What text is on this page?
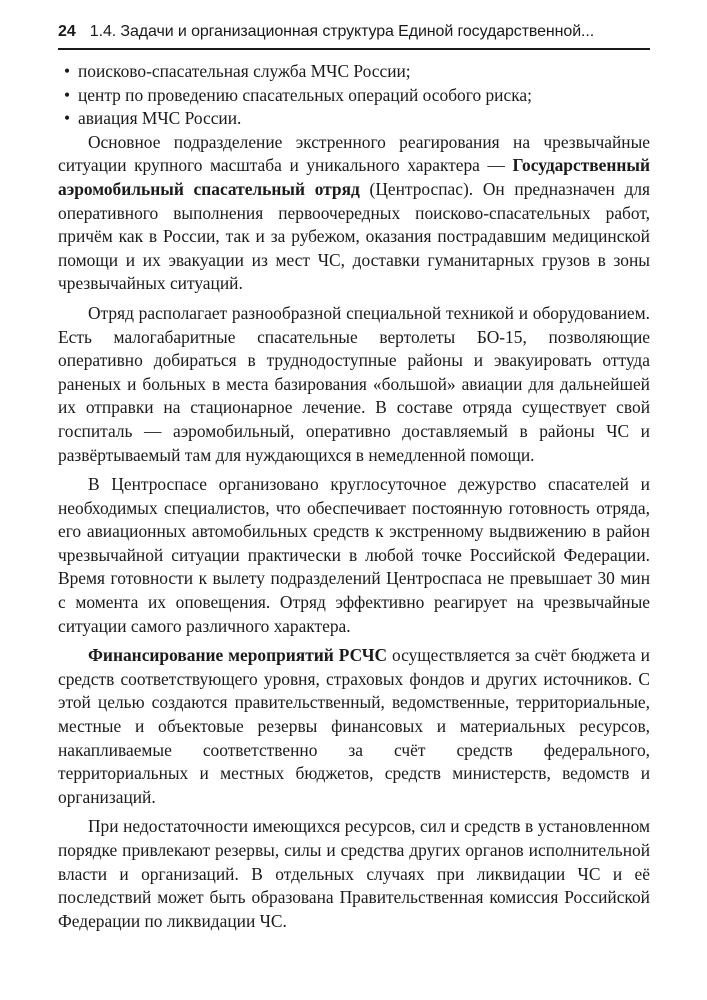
24 1.4. Задачи и организационная структура Единой государственной...
• поисково-спасательная служба МЧС России;
• центр по проведению спасательных операций особого риска;
• авиация МЧС России.

Основное подразделение экстренного реагирования на чрезвычайные ситуации крупного масштаба и уникального характера — Государственный аэромобильный спасательный отряд (Центроспас). Он предназначен для оперативного выполнения первоочередных поисково-спасательных работ, причём как в России, так и за рубежом, оказания пострадавшим медицинской помощи и их эвакуации из мест ЧС, доставки гуманитарных грузов в зоны чрезвычайных ситуаций.

Отряд располагает разнообразной специальной техникой и оборудованием. Есть малогабаритные спасательные вертолеты БО-15, позволяющие оперативно добираться в труднодоступные районы и эвакуировать оттуда раненых и больных в места базирования «большой» авиации для дальнейшей их отправки на стационарное лечение. В составе отряда существует свой госпиталь — аэромобильный, оперативно доставляемый в районы ЧС и развёртываемый там для нуждающихся в немедленной помощи.

В Центроспасе организовано круглосуточное дежурство спасателей и необходимых специалистов, что обеспечивает постоянную готовность отряда, его авиационных автомобильных средств к экстренному выдвижению в район чрезвычайной ситуации практически в любой точке Российской Федерации. Время готовности к вылету подразделений Центроспаса не превышает 30 мин с момента их оповещения. Отряд эффективно реагирует на чрезвычайные ситуации самого различного характера.

Финансирование мероприятий РСЧС осуществляется за счёт бюджета и средств соответствующего уровня, страховых фондов и других источников. С этой целью создаются правительственный, ведомственные, территориальные, местные и объектовые резервы финансовых и материальных ресурсов, накапливаемые соответственно за счёт средств федерального, территориальных и местных бюджетов, средств министерств, ведомств и организаций.

При недостаточности имеющихся ресурсов, сил и средств в установленном порядке привлекают резервы, силы и средства других органов исполнительной власти и организаций. В отдельных случаях при ликвидации ЧС и её последствий может быть образована Правительственная комиссия Российской Федерации по ликвидации ЧС.
